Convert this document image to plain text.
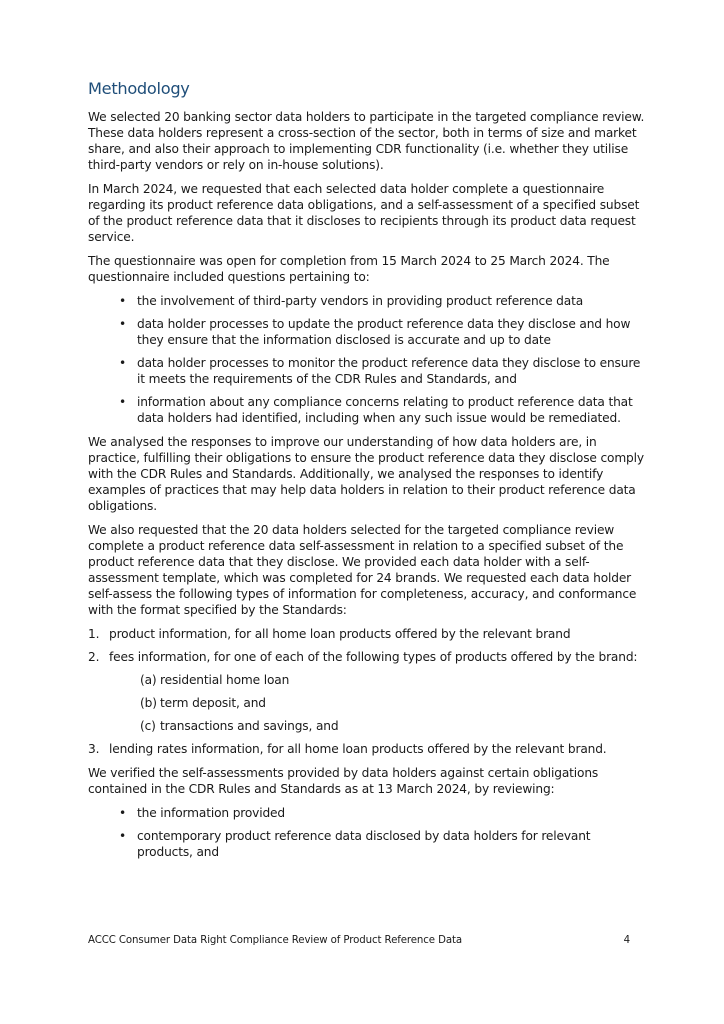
Methodology

We selected 20 banking sector data holders to participate in the targeted compliance review. These data holders represent a cross-section of the sector, both in terms of size and market share, and also their approach to implementing CDR functionality (i.e. whether they utilise third-party vendors or rely on in-house solutions).

In March 2024, we requested that each selected data holder complete a questionnaire regarding its product reference data obligations, and a self-assessment of a specified subset of the product reference data that it discloses to recipients through its product data request service.

The questionnaire was open for completion from 15 March 2024 to 25 March 2024. The questionnaire included questions pertaining to:

• the involvement of third-party vendors in providing product reference data
• data holder processes to update the product reference data they disclose and how they ensure that the information disclosed is accurate and up to date
• data holder processes to monitor the product reference data they disclose to ensure it meets the requirements of the CDR Rules and Standards, and
• information about any compliance concerns relating to product reference data that data holders had identified, including when any such issue would be remediated.

We analysed the responses to improve our understanding of how data holders are, in practice, fulfilling their obligations to ensure the product reference data they disclose comply with the CDR Rules and Standards. Additionally, we analysed the responses to identify examples of practices that may help data holders in relation to their product reference data obligations.

We also requested that the 20 data holders selected for the targeted compliance review complete a product reference data self-assessment in relation to a specified subset of the product reference data that they disclose. We provided each data holder with a self-assessment template, which was completed for 24 brands. We requested each data holder self-assess the following types of information for completeness, accuracy, and conformance with the format specified by the Standards:

1. product information, for all home loan products offered by the relevant brand
2. fees information, for one of each of the following types of products offered by the brand:
(a) residential home loan
(b) term deposit, and
(c) transactions and savings, and
3. lending rates information, for all home loan products offered by the relevant brand.

We verified the self-assessments provided by data holders against certain obligations contained in the CDR Rules and Standards as at 13 March 2024, by reviewing:

• the information provided
• contemporary product reference data disclosed by data holders for relevant products, and
ACCC Consumer Data Right Compliance Review of Product Reference Data	4
